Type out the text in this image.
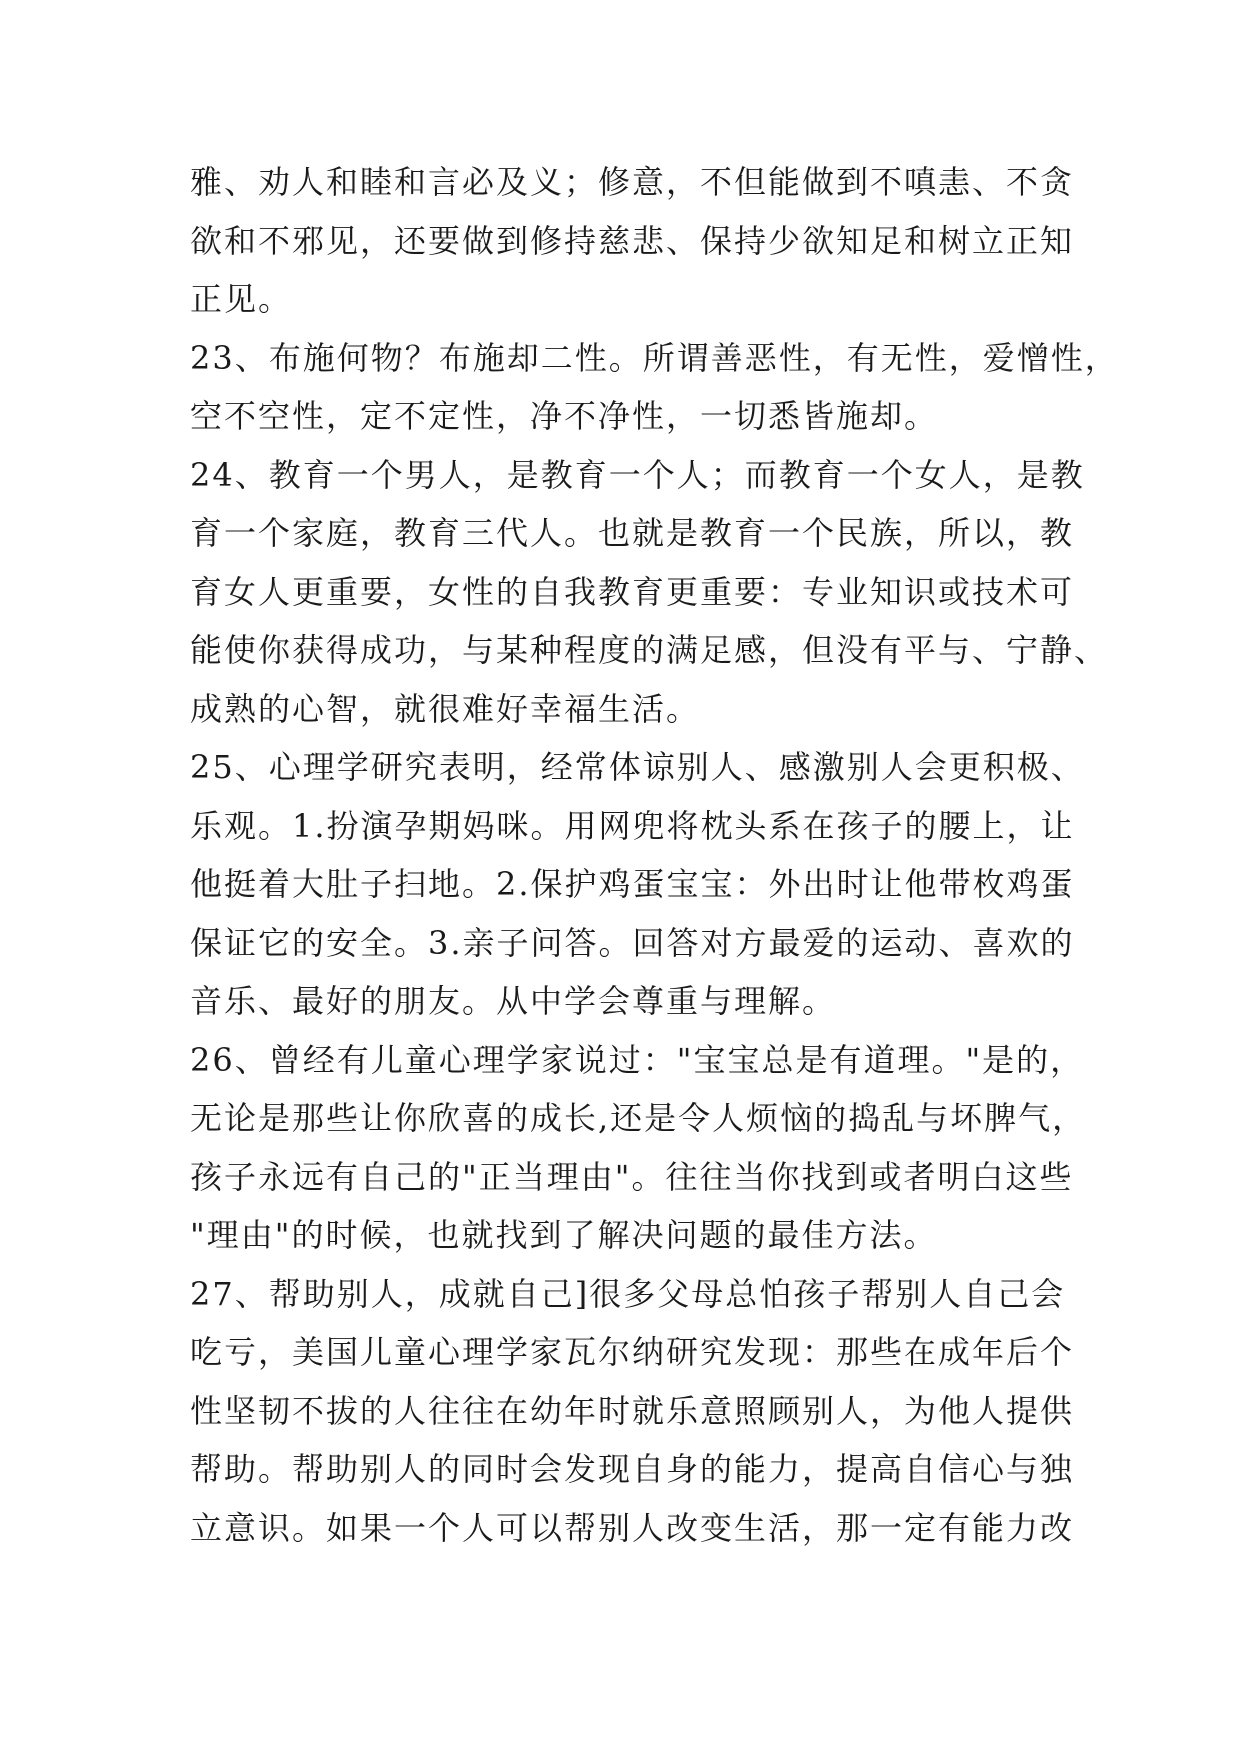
雅、劝人和睦和言必及义；修意，不但能做到不嗔恚、不贪
欲和不邪见，还要做到修持慈悲、保持少欲知足和树立正知
正见。
23、布施何物？布施却二性。所谓善恶性，有无性，爱憎性，
空不空性，定不定性，净不净性，一切悉皆施却。
24、教育一个男人，是教育一个人；而教育一个女人，是教
育一个家庭，教育三代人。也就是教育一个民族，所以，教
育女人更重要，女性的自我教育更重要：专业知识或技术可
能使你获得成功，与某种程度的满足感，但没有平与、宁静、
成熟的心智，就很难好幸福生活。
25、心理学研究表明，经常体谅别人、感激别人会更积极、
乐观。1.扮演孕期妈咪。用网兜将枕头系在孩子的腰上，让
他挺着大肚子扫地。2.保护鸡蛋宝宝：外出时让他带枚鸡蛋
保证它的安全。3.亲子问答。回答对方最爱的运动、喜欢的
音乐、最好的朋友。从中学会尊重与理解。
26、曾经有儿童心理学家说过："宝宝总是有道理。"是的，
无论是那些让你欣喜的成长,还是令人烦恼的捣乱与坏脾气，
孩子永远有自己的"正当理由"。往往当你找到或者明白这些
"理由"的时候，也就找到了解决问题的最佳方法。
27、帮助别人，成就自己]很多父母总怕孩子帮别人自己会
吃亏，美国儿童心理学家瓦尔纳研究发现：那些在成年后个
性坚韧不拔的人往往在幼年时就乐意照顾别人，为他人提供
帮助。帮助别人的同时会发现自身的能力，提高自信心与独
立意识。如果一个人可以帮别人改变生活，那一定有能力改
